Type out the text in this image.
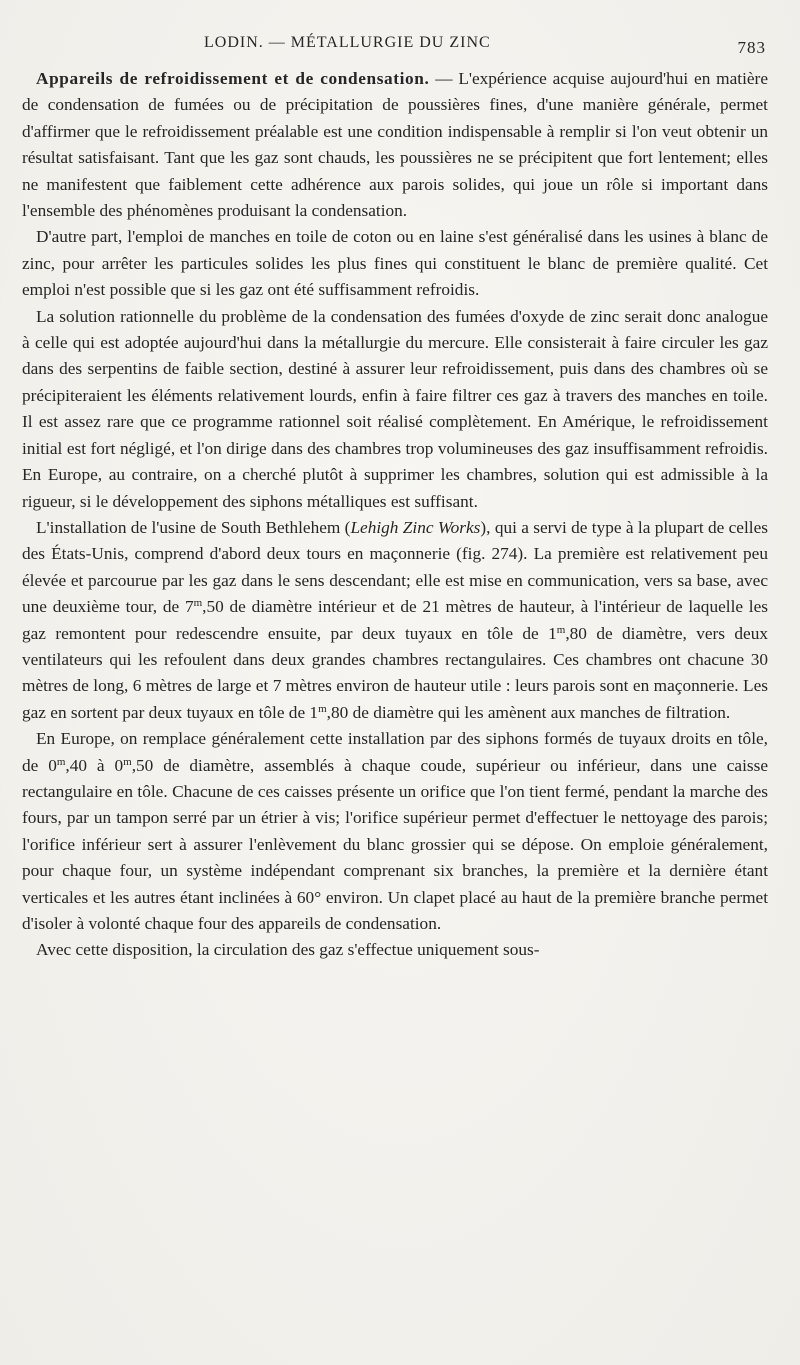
LODIN. — MÉTALLURGIE DU ZINC	783

Appareils de refroidissement et de condensation. — L'expérience acquise aujourd'hui en matière de condensation de fumées ou de précipitation de poussières fines, d'une manière générale, permet d'affirmer que le refroidissement préalable est une condition indispensable à remplir si l'on veut obtenir un résultat satisfaisant. Tant que les gaz sont chauds, les poussières ne se précipitent que fort lentement; elles ne manifestent que faiblement cette adhérence aux parois solides, qui joue un rôle si important dans l'ensemble des phénomènes produisant la condensation.

D'autre part, l'emploi de manches en toile de coton ou en laine s'est généralisé dans les usines à blanc de zinc, pour arrêter les particules solides les plus fines qui constituent le blanc de première qualité. Cet emploi n'est possible que si les gaz ont été suffisamment refroidis.

La solution rationnelle du problème de la condensation des fumées d'oxyde de zinc serait donc analogue à celle qui est adoptée aujourd'hui dans la métallurgie du mercure. Elle consisterait à faire circuler les gaz dans des serpentins de faible section, destiné à assurer leur refroidissement, puis dans des chambres où se précipiteraient les éléments relativement lourds, enfin à faire filtrer ces gaz à travers des manches en toile. Il est assez rare que ce programme rationnel soit réalisé complètement. En Amérique, le refroidissement initial est fort négligé, et l'on dirige dans des chambres trop volumineuses des gaz insuffisamment refroidis. En Europe, au contraire, on a cherché plutôt à supprimer les chambres, solution qui est admissible à la rigueur, si le développement des siphons métalliques est suffisant.

L'installation de l'usine de South Bethlehem (Lehigh Zinc Works), qui a servi de type à la plupart de celles des États-Unis, comprend d'abord deux tours en maçonnerie (fig. 274). La première est relativement peu élevée et parcourue par les gaz dans le sens descendant; elle est mise en communication, vers sa base, avec une deuxième tour, de 7$^m$,50 de diamètre intérieur et de 21 mètres de hauteur, à l'intérieur de laquelle les gaz remontent pour redescendre ensuite, par deux tuyaux en tôle de 1$^m$,80 de diamètre, vers deux ventilateurs qui les refoulent dans deux grandes chambres rectangulaires. Ces chambres ont chacune 30 mètres de long, 6 mètres de large et 7 mètres environ de hauteur utile : leurs parois sont en maçonnerie. Les gaz en sortent par deux tuyaux en tôle de 1$^m$,80 de diamètre qui les amènent aux manches de filtration.

En Europe, on remplace généralement cette installation par des siphons formés de tuyaux droits en tôle, de 0$^m$,40 à 0$^m$,50 de diamètre, assemblés à chaque coude, supérieur ou inférieur, dans une caisse rectangulaire en tôle. Chacune de ces caisses présente un orifice que l'on tient fermé, pendant la marche des fours, par un tampon serré par un étrier à vis; l'orifice supérieur permet d'effectuer le nettoyage des parois; l'orifice inférieur sert à assurer l'enlèvement du blanc grossier qui se dépose. On emploie généralement, pour chaque four, un système indépendant comprenant six branches, la première et la dernière étant verticales et les autres étant inclinées à 60° environ. Un clapet placé au haut de la première branche permet d'isoler à volonté chaque four des appareils de condensation.

Avec cette disposition, la circulation des gaz s'effectue uniquement sous-
